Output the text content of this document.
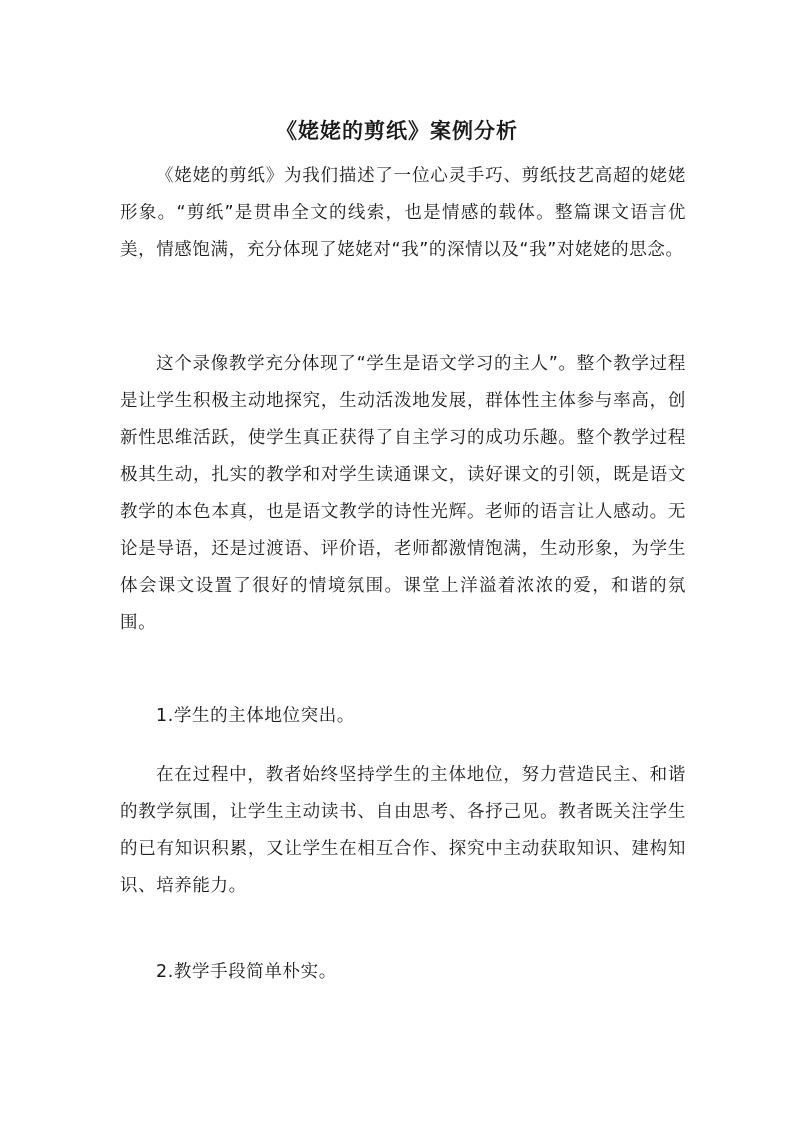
《姥姥的剪纸》案例分析

《姥姥的剪纸》为我们描述了一位心灵手巧、剪纸技艺高超的姥姥形象。“剪纸”是贯串全文的线索，也是情感的载体。整篇课文语言优美，情感饱满，充分体现了姥姥对“我”的深情以及“我”对姥姥的思念。

这个录像教学充分体现了“学生是语文学习的主人”。整个教学过程是让学生积极主动地探究，生动活泼地发展，群体性主体参与率高，创新性思维活跃，使学生真正获得了自主学习的成功乐趣。整个教学过程极其生动，扎实的教学和对学生读通课文，读好课文的引领，既是语文教学的本色本真，也是语文教学的诗性光辉。老师的语言让人感动。无论是导语，还是过渡语、评价语，老师都激情饱满，生动形象，为学生体会课文设置了很好的情境氛围。课堂上洋溢着浓浓的爱，和谐的氛围。

1.学生的主体地位突出。

在在过程中，教者始终坚持学生的主体地位，努力营造民主、和谐的教学氛围，让学生主动读书、自由思考、各抒己见。教者既关注学生的已有知识积累，又让学生在相互合作、探究中主动获取知识、建构知识、培养能力。

2.教学手段简单朴实。
